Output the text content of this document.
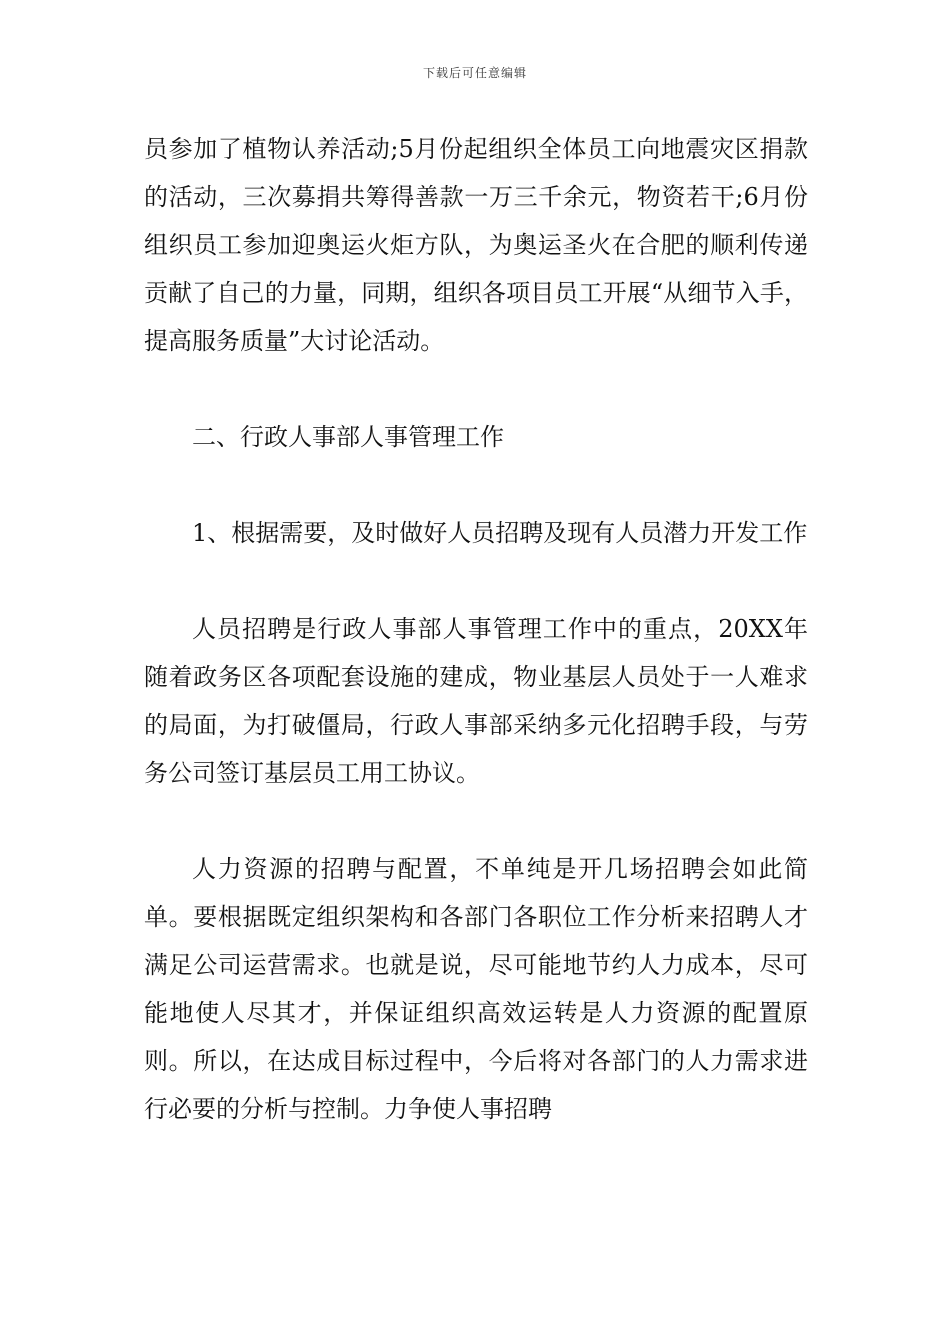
下载后可任意编辑

员参加了植物认养活动;5月份起组织全体员工向地震灾区捐款的活动，三次募捐共筹得善款一万三千余元，物资若干;6月份组织员工参加迎奥运火炬方队，为奥运圣火在合肥的顺利传递贡献了自己的力量，同期，组织各项目员工开展“从细节入手，提高服务质量”大讨论活动。

二、行政人事部人事管理工作

1、根据需要，及时做好人员招聘及现有人员潜力开发工作

人员招聘是行政人事部人事管理工作中的重点，20XX年随着政务区各项配套设施的建成，物业基层人员处于一人难求的局面，为打破僵局，行政人事部采纳多元化招聘手段，与劳务公司签订基层员工用工协议。

人力资源的招聘与配置，不单纯是开几场招聘会如此简单。要根据既定组织架构和各部门各职位工作分析来招聘人才满足公司运营需求。也就是说，尽可能地节约人力成本，尽可能地使人尽其才，并保证组织高效运转是人力资源的配置原则。所以，在达成目标过程中，今后将对各部门的人力需求进行必要的分析与控制。力争使人事招聘
